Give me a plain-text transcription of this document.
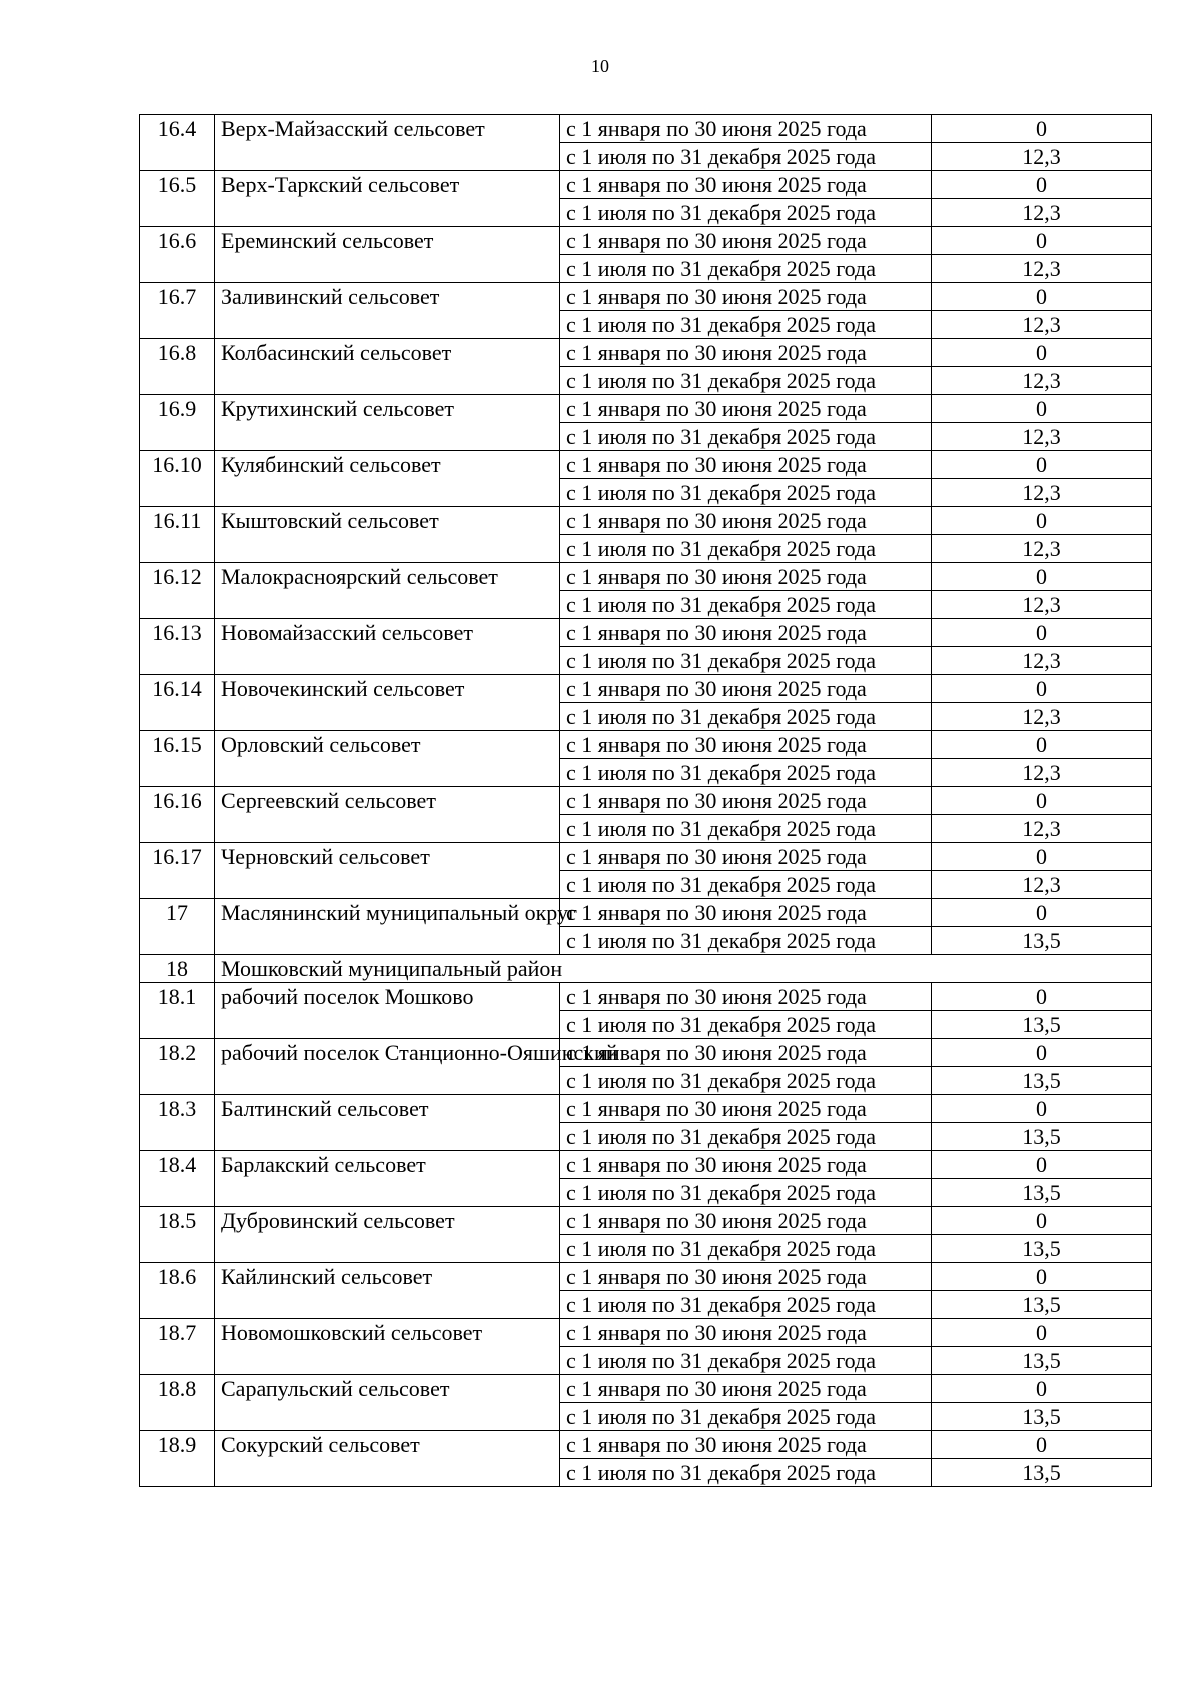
10
16.4	Верх-Майзасский сельсовет	с 1 января по 30 июня 2025 года	0
		с 1 июля по 31 декабря 2025 года	12,3
16.5	Верх-Таркский сельсовет	с 1 января по 30 июня 2025 года	0
		с 1 июля по 31 декабря 2025 года	12,3
16.6	Ереминский сельсовет	с 1 января по 30 июня 2025 года	0
		с 1 июля по 31 декабря 2025 года	12,3
16.7	Заливинский сельсовет	с 1 января по 30 июня 2025 года	0
		с 1 июля по 31 декабря 2025 года	12,3
16.8	Колбасинский сельсовет	с 1 января по 30 июня 2025 года	0
		с 1 июля по 31 декабря 2025 года	12,3
16.9	Крутихинский сельсовет	с 1 января по 30 июня 2025 года	0
		с 1 июля по 31 декабря 2025 года	12,3
16.10	Кулябинский сельсовет	с 1 января по 30 июня 2025 года	0
		с 1 июля по 31 декабря 2025 года	12,3
16.11	Кыштовский сельсовет	с 1 января по 30 июня 2025 года	0
		с 1 июля по 31 декабря 2025 года	12,3
16.12	Малокрасноярский сельсовет	с 1 января по 30 июня 2025 года	0
		с 1 июля по 31 декабря 2025 года	12,3
16.13	Новомайзасский сельсовет	с 1 января по 30 июня 2025 года	0
		с 1 июля по 31 декабря 2025 года	12,3
16.14	Новочекинский сельсовет	с 1 января по 30 июня 2025 года	0
		с 1 июля по 31 декабря 2025 года	12,3
16.15	Орловский сельсовет	с 1 января по 30 июня 2025 года	0
		с 1 июля по 31 декабря 2025 года	12,3
16.16	Сергеевский сельсовет	с 1 января по 30 июня 2025 года	0
		с 1 июля по 31 декабря 2025 года	12,3
16.17	Черновский сельсовет	с 1 января по 30 июня 2025 года	0
		с 1 июля по 31 декабря 2025 года	12,3
17	Маслянинский муниципальный округ	с 1 января по 30 июня 2025 года	0
		с 1 июля по 31 декабря 2025 года	13,5
18	Мошковский муниципальный район		
18.1	рабочий поселок Мошково	с 1 января по 30 июня 2025 года	0
		с 1 июля по 31 декабря 2025 года	13,5
18.2	рабочий поселок Станционно-Ояшинский	с 1 января по 30 июня 2025 года	0
		с 1 июля по 31 декабря 2025 года	13,5
18.3	Балтинский сельсовет	с 1 января по 30 июня 2025 года	0
		с 1 июля по 31 декабря 2025 года	13,5
18.4	Барлакский сельсовет	с 1 января по 30 июня 2025 года	0
		с 1 июля по 31 декабря 2025 года	13,5
18.5	Дубровинский сельсовет	с 1 января по 30 июня 2025 года	0
		с 1 июля по 31 декабря 2025 года	13,5
18.6	Кайлинский сельсовет	с 1 января по 30 июня 2025 года	0
		с 1 июля по 31 декабря 2025 года	13,5
18.7	Новомошковский сельсовет	с 1 января по 30 июня 2025 года	0
		с 1 июля по 31 декабря 2025 года	13,5
18.8	Сарапульский сельсовет	с 1 января по 30 июня 2025 года	0
		с 1 июля по 31 декабря 2025 года	13,5
18.9	Сокурский сельсовет	с 1 января по 30 июня 2025 года	0
		с 1 июля по 31 декабря 2025 года	13,5
